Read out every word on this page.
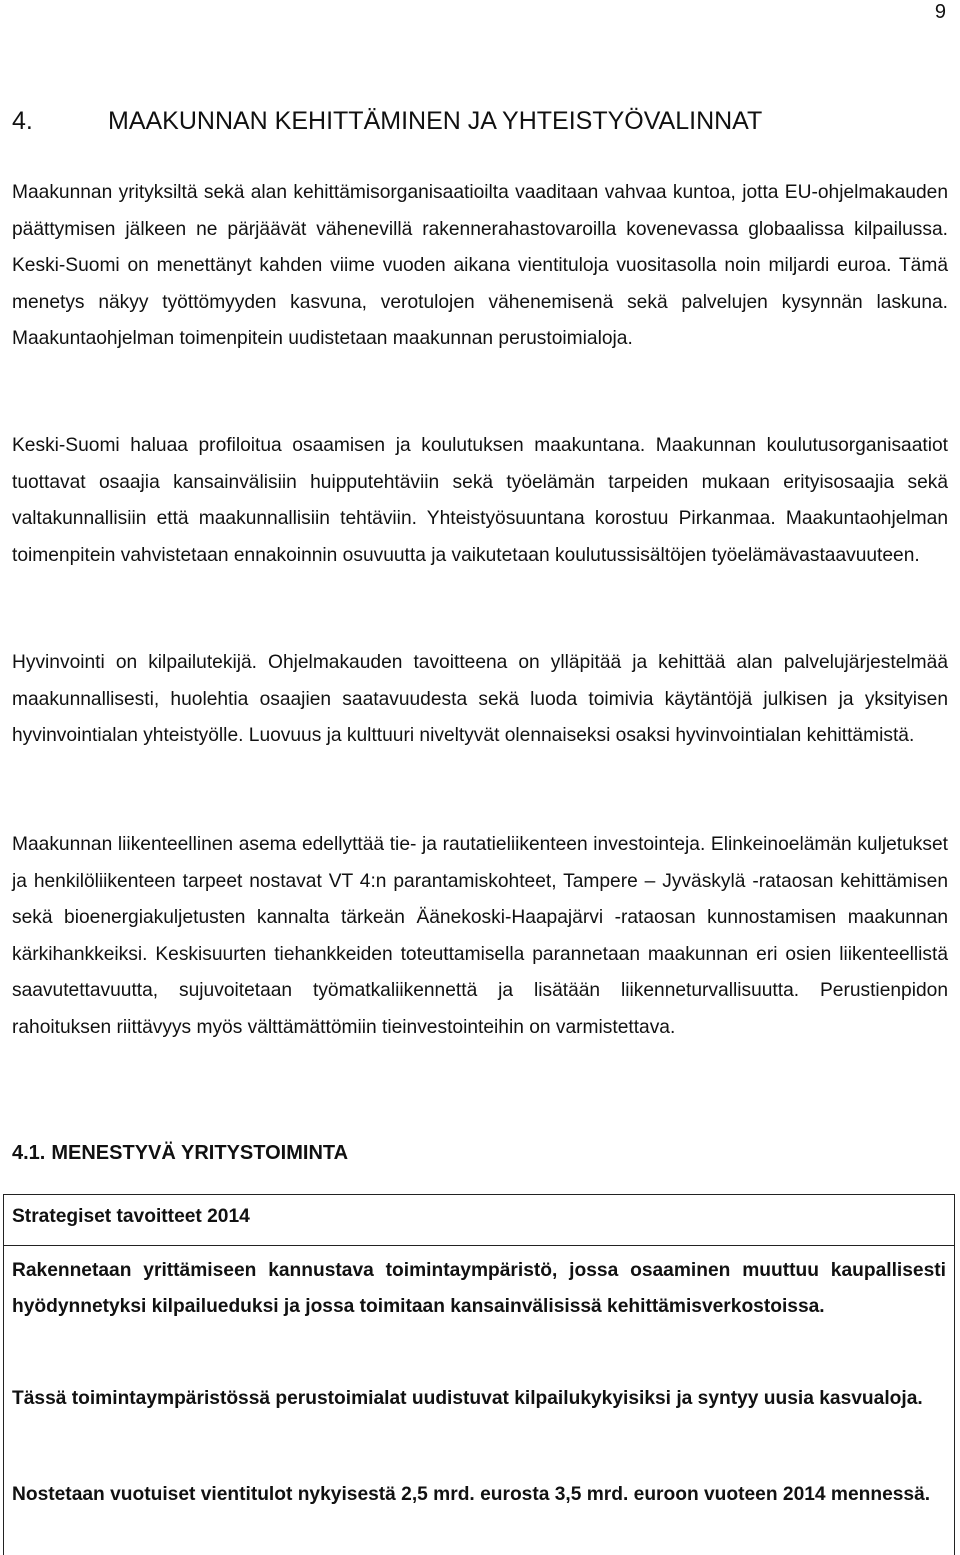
9
4.	MAAKUNNAN KEHITTÄMINEN JA YHTEISTYÖVALINNAT

Maakunnan yrityksiltä sekä alan kehittämisorganisaatioilta vaaditaan vahvaa kuntoa, jotta EU-ohjelmakauden päättymisen jälkeen ne pärjäävät vähenevillä rakennerahastovaroilla kovenevassa globaalissa kilpailussa. Keski-Suomi on menettänyt kahden viime vuoden aikana vientituloja vuositasolla noin miljardi euroa. Tämä menetys näkyy työttömyyden kasvuna, verotulojen vähenemisenä sekä palvelujen kysynnän laskuna. Maakuntaohjelman toimenpitein uudistetaan maakunnan perustoimialoja.

Keski-Suomi haluaa profiloitua osaamisen ja koulutuksen maakuntana. Maakunnan koulutusorganisaatiot tuottavat osaajia kansainvälisiin huipputehtäviin sekä työelämän tarpeiden mukaan erityisosaajia sekä valtakunnallisiin että maakunnallisiin tehtäviin. Yhteistyösuuntana korostuu Pirkanmaa. Maakuntaohjelman toimenpitein vahvistetaan ennakoinnin osuvuutta ja vaikutetaan koulutussisältöjen työelämävastaavuuteen.

Hyvinvointi on kilpailutekijä. Ohjelmakauden tavoitteena on ylläpitää ja kehittää alan palvelujärjestelmää maakunnallisesti, huolehtia osaajien saatavuudesta sekä luoda toimivia käytäntöjä julkisen ja yksityisen hyvinvointialan yhteistyölle. Luovuus ja kulttuuri niveltyvät olennaiseksi osaksi hyvinvointialan kehittämistä.

Maakunnan liikenteellinen asema edellyttää tie- ja rautatieliikenteen investointeja. Elinkeinoelämän kuljetukset ja henkilöliikenteen tarpeet nostavat VT 4:n parantamiskohteet, Tampere – Jyväskylä -rataosan kehittämisen sekä bioenergiakuljetusten kannalta tärkeän Äänekoski-Haapajärvi -rataosan kunnostamisen maakunnan kärkihankkeiksi. Keskisuurten tiehankkeiden toteuttamisella parannetaan maakunnan eri osien liikenteellistä saavutettavuutta, sujuvoitetaan työmatkaliikennettä ja lisätään liikenneturvallisuutta. Perustienpidon rahoituksen riittävyys myös välttämättömiin tieinvestointeihin on varmistettava.

4.1. MENESTYVÄ YRITYSTOIMINTA

Strategiset tavoitteet 2014

Rakennetaan yrittämiseen kannustava toimintaympäristö, jossa osaaminen muuttuu kaupallisesti hyödynnetyksi kilpailueduksi ja jossa toimitaan kansainvälisissä kehittämisverkostoissa.

Tässä toimintaympäristössä perustoimialat uudistuvat kilpailukykyisiksi ja syntyy uusia kasvualoja.

Nostetaan vuotuiset vientitulot nykyisestä 2,5 mrd. eurosta 3,5 mrd. euroon vuoteen 2014 mennessä.
